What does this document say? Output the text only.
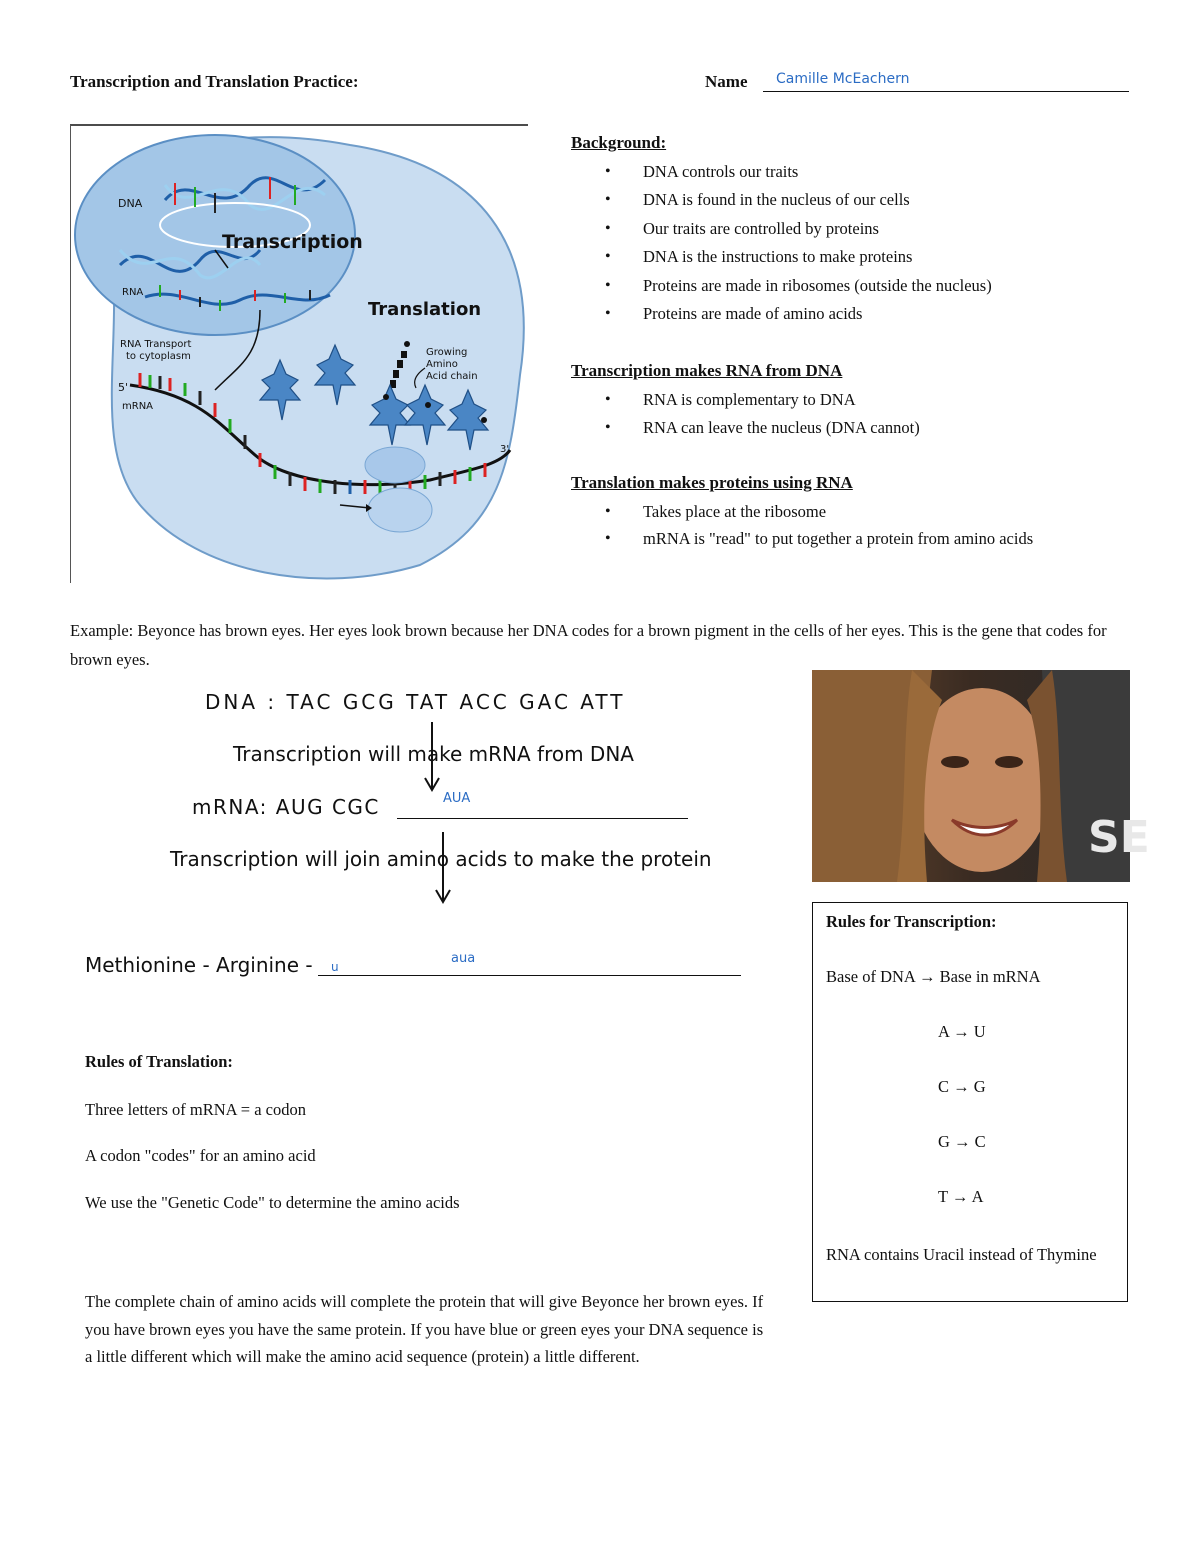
Transcription and Translation Practice:	Name Camille McEachern
DNA
Transcription
RNA
Translation
RNA Transport
to cytoplasm
5'
mRNA
Growing
Amino
Acid chain
3'
Background:
• DNA controls our traits
• DNA is found in the nucleus of our cells
• Our traits are controlled by proteins
• DNA is the instructions to make proteins
• Proteins are made in ribosomes (outside the nucleus)
• Proteins are made of amino acids
Transcription makes RNA from DNA
• RNA is complementary to DNA
• RNA can leave the nucleus (DNA cannot)
Translation makes proteins using RNA
• Takes place at the ribosome
• mRNA is "read" to put together a protein from amino acids
Example: Beyonce has brown eyes. Her eyes look brown because her DNA codes for a brown pigment in the cells of her eyes. This is the gene that codes for brown eyes.
DNA : TAC GCG TAT ACC GAC ATT
Transcription will make mRNA from DNA
mRNA: AUG CGC	AUA
Transcription will join amino acids to make the protein
Methionine - Arginine - u
aua
Rules of Translation:
Three letters of mRNA = a codon
A codon "codes" for an amino acid
We use the "Genetic Code" to determine the amino acids
The complete chain of amino acids will complete the protein that will give Beyonce her brown eyes. If you have brown eyes you have the same protein. If you have blue or green eyes your DNA sequence is a little different which will make the amino acid sequence (protein) a little different.
SE
Rules for Transcription:
Base of DNA → Base in mRNA
A → U
C → G
G → C
T → A
RNA contains Uracil instead of Thymine
